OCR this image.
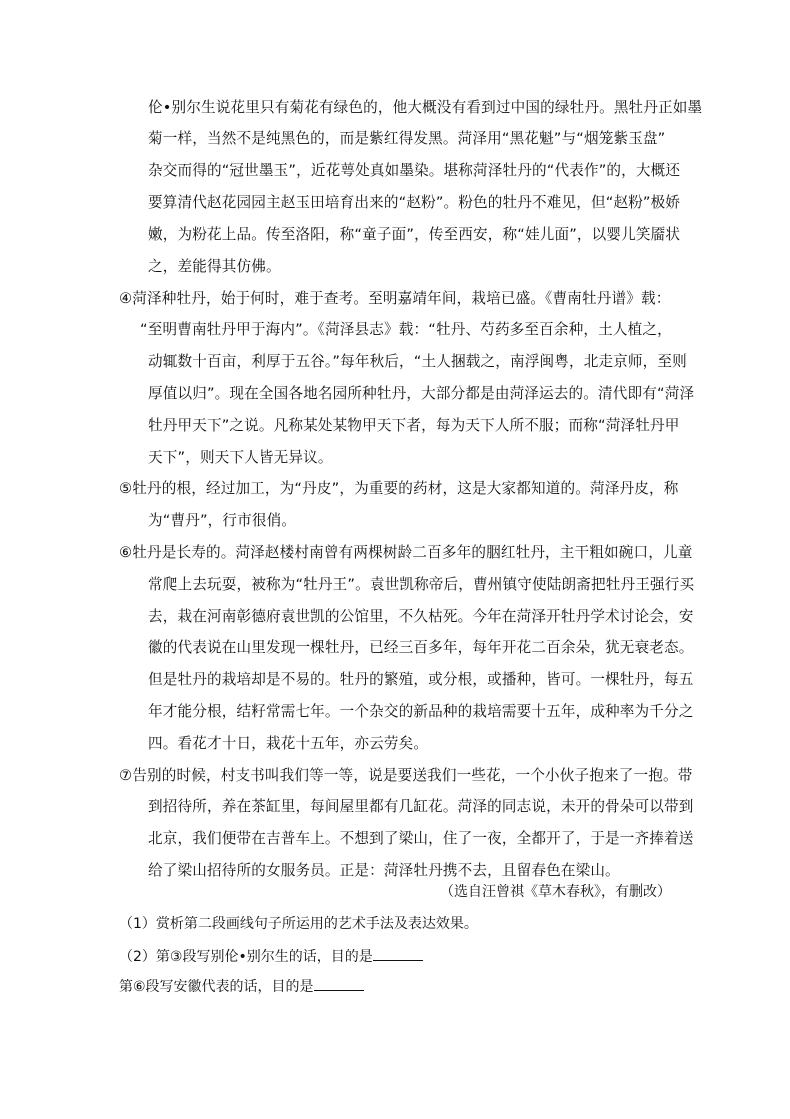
伦•别尔生说花里只有菊花有绿色的，他大概没有看到过中国的绿牡丹。黑牡丹正如墨
菊一样，当然不是纯黑色的，而是紫红得发黑。菏泽用“黑花魁”与“烟笼紫玉盘”
杂交而得的“冠世墨玉”，近花萼处真如墨染。堪称菏泽牡丹的“代表作”的，大概还
要算清代赵花园园主赵玉田培育出来的“赵粉”。粉色的牡丹不难见，但“赵粉”极娇
嫩，为粉花上品。传至洛阳，称“童子面”，传至西安，称“娃儿面”，以婴儿笑靥状
之，差能得其仿佛。
④菏泽种牡丹，始于何时，难于查考。至明嘉靖年间，栽培已盛。《曹南牡丹谱》载：
“至明曹南牡丹甲于海内”。《菏泽县志》载：“牡丹、芍药多至百余种，土人植之，
动辄数十百亩，利厚于五谷。”每年秋后，“土人捆载之，南浮闽粤，北走京师，至则
厚值以归”。现在全国各地名园所种牡丹，大部分都是由菏泽运去的。清代即有“菏泽
牡丹甲天下”之说。凡称某处某物甲天下者，每为天下人所不服；而称“菏泽牡丹甲
天下”，则天下人皆无异议。
⑤牡丹的根，经过加工，为“丹皮”，为重要的药材，这是大家都知道的。菏泽丹皮，称
为“曹丹”，行市很俏。
⑥牡丹是长寿的。菏泽赵楼村南曾有两棵树龄二百多年的胭红牡丹，主干粗如碗口，儿童
常爬上去玩耍，被称为“牡丹王”。袁世凯称帝后，曹州镇守使陆朗斋把牡丹王强行买
去，栽在河南彰德府袁世凯的公馆里，不久枯死。今年在菏泽开牡丹学术讨论会，安
徽的代表说在山里发现一棵牡丹，已经三百多年，每年开花二百余朵，犹无衰老态。
但是牡丹的栽培却是不易的。牡丹的繁殖，或分根，或播种，皆可。一棵牡丹，每五
年才能分根，结籽常需七年。一个杂交的新品种的栽培需要十五年，成种率为千分之
四。看花才十日，栽花十五年，亦云劳矣。
⑦告别的时候，村支书叫我们等一等，说是要送我们一些花，一个小伙子抱来了一抱。带
到招待所，养在茶缸里，每间屋里都有几缸花。菏泽的同志说，未开的骨朵可以带到
北京，我们便带在吉普车上。不想到了梁山，住了一夜，全都开了，于是一齐捧着送
给了梁山招待所的女服务员。正是：菏泽牡丹携不去，且留春色在梁山。
（选自汪曾祺《草木春秋》，有删改）
（1）赏析第二段画线句子所运用的艺术手法及表达效果。
（2）第③段写别伦•别尔生的话，目的是
第⑥段写安徽代表的话，目的是
